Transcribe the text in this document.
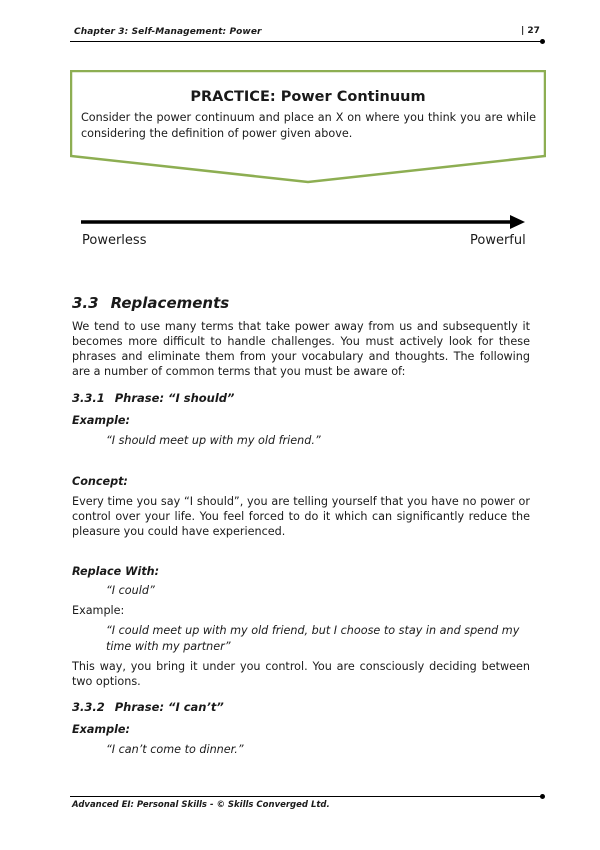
Chapter 3: Self-Management: Power	| 27
PRACTICE: Power Continuum
Consider the power continuum and place an X on where you think you are while considering the definition of power given above.
Powerless	Powerful
3.3 Replacements
We tend to use many terms that take power away from us and subsequently it becomes more difficult to handle challenges. You must actively look for these phrases and eliminate them from your vocabulary and thoughts. The following are a number of common terms that you must be aware of:
3.3.1 Phrase: “I should”
Example:
“I should meet up with my old friend.”
Concept:
Every time you say “I should”, you are telling yourself that you have no power or control over your life. You feel forced to do it which can significantly reduce the pleasure you could have experienced.
Replace With:
“I could”
Example:
“I could meet up with my old friend, but I choose to stay in and spend my time with my partner”
This way, you bring it under you control. You are consciously deciding between two options.
3.3.2 Phrase: “I can’t”
Example:
“I can’t come to dinner.”
Advanced EI: Personal Skills - © Skills Converged Ltd.
